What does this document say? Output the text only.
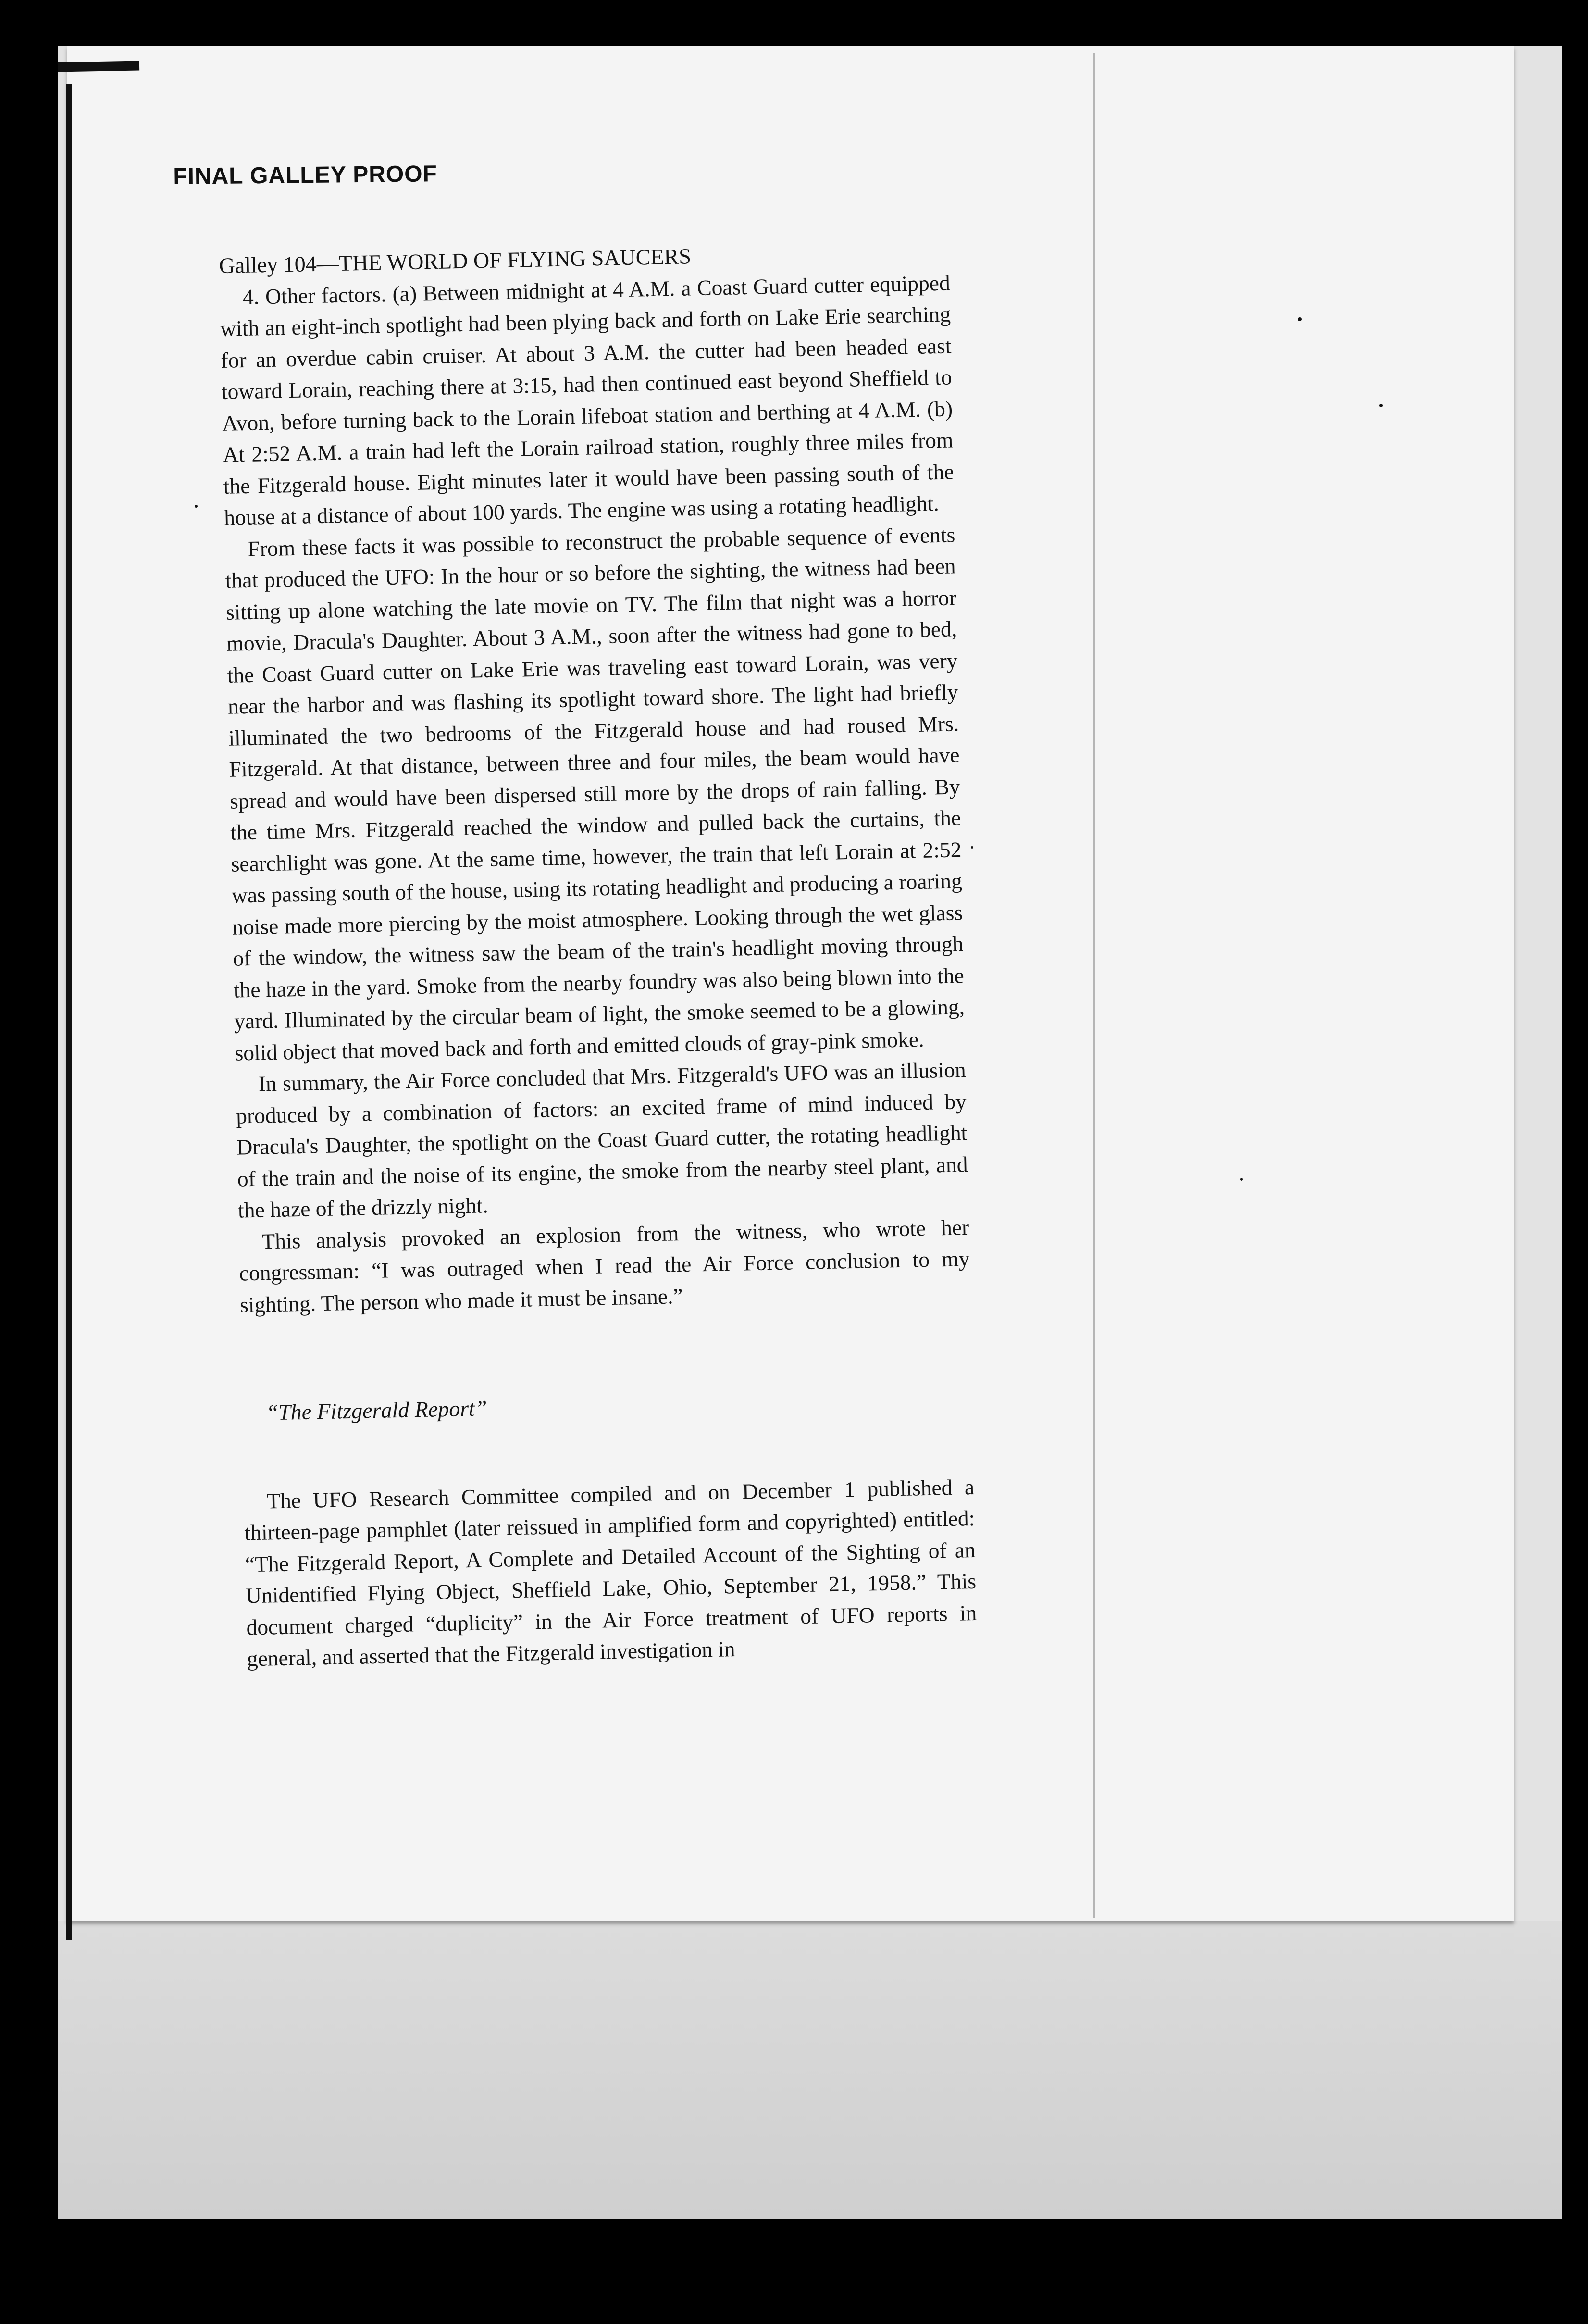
FINAL GALLEY PROOF
Galley 104—THE WORLD OF FLYING SAUCERS

4. Other factors. (a) Between midnight at 4 A.M. a Coast Guard cutter equipped with an eight-inch spotlight had been plying back and forth on Lake Erie searching for an overdue cabin cruiser. At about 3 A.M. the cutter had been headed east toward Lorain, reaching there at 3:15, had then continued east beyond Sheffield to Avon, before turning back to the Lorain lifeboat station and berthing at 4 A.M. (b) At 2:52 A.M. a train had left the Lorain railroad station, roughly three miles from the Fitzgerald house. Eight minutes later it would have been passing south of the house at a distance of about 100 yards. The engine was using a rotating headlight.

From these facts it was possible to reconstruct the probable sequence of events that produced the UFO: In the hour or so before the sighting, the witness had been sitting up alone watching the late movie on TV. The film that night was a horror movie, Dracula's Daughter. About 3 A.M., soon after the witness had gone to bed, the Coast Guard cutter on Lake Erie was traveling east toward Lorain, was very near the harbor and was flashing its spotlight toward shore. The light had briefly illuminated the two bedrooms of the Fitzgerald house and had roused Mrs. Fitzgerald. At that distance, between three and four miles, the beam would have spread and would have been dispersed still more by the drops of rain falling. By the time Mrs. Fitzgerald reached the window and pulled back the curtains, the searchlight was gone. At the same time, however, the train that left Lorain at 2:52 was passing south of the house, using its rotating headlight and producing a roaring noise made more piercing by the moist atmosphere. Looking through the wet glass of the window, the witness saw the beam of the train's headlight moving through the haze in the yard. Smoke from the nearby foundry was also being blown into the yard. Illuminated by the circular beam of light, the smoke seemed to be a glowing, solid object that moved back and forth and emitted clouds of gray-pink smoke.

In summary, the Air Force concluded that Mrs. Fitzgerald's UFO was an illusion produced by a combination of factors: an excited frame of mind induced by Dracula's Daughter, the spotlight on the Coast Guard cutter, the rotating headlight of the train and the noise of its engine, the smoke from the nearby steel plant, and the haze of the drizzly night.

This analysis provoked an explosion from the witness, who wrote her congressman: “I was outraged when I read the Air Force conclusion to my sighting. The person who made it must be insane.”

“The Fitzgerald Report”

The UFO Research Committee compiled and on December 1 published a thirteen-page pamphlet (later reissued in amplified form and copyrighted) entitled: “The Fitzgerald Report, A Complete and Detailed Account of the Sighting of an Unidentified Flying Object, Sheffield Lake, Ohio, September 21, 1958.” This document charged “duplicity” in the Air Force treatment of UFO reports in general, and asserted that the Fitzgerald investigation in
